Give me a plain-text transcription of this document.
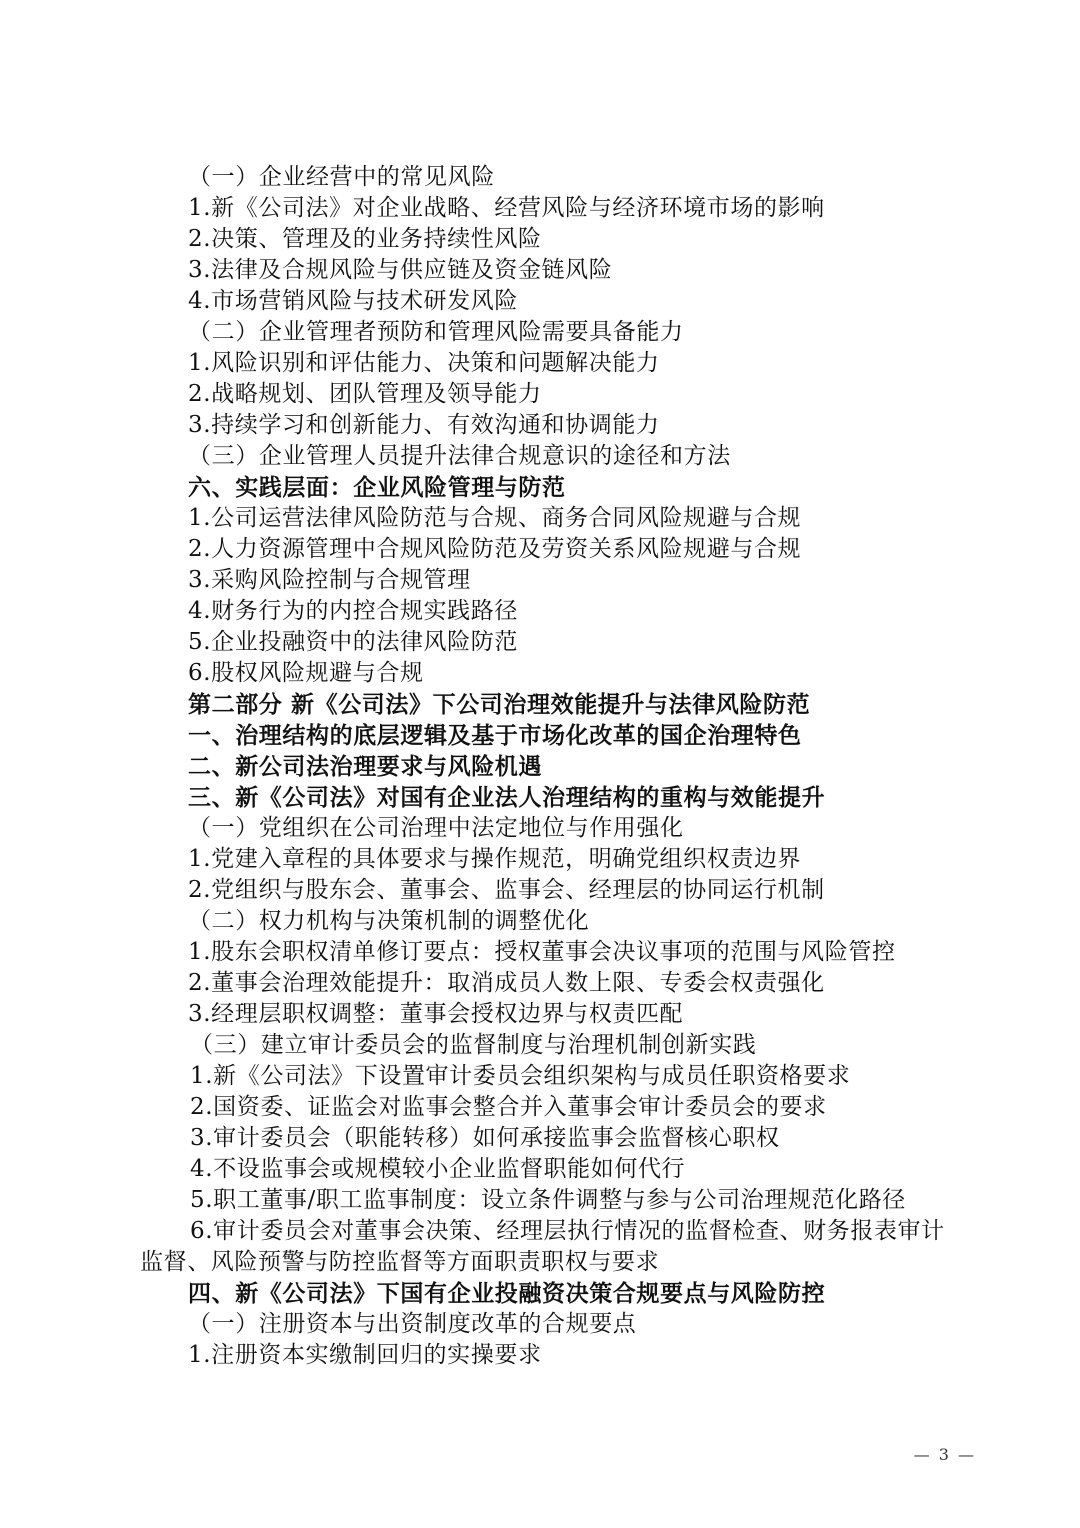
（一）企业经营中的常见风险
1.新《公司法》对企业战略、经营风险与经济环境市场的影响
2.决策、管理及的业务持续性风险
3.法律及合规风险与供应链及资金链风险
4.市场营销风险与技术研发风险
（二）企业管理者预防和管理风险需要具备能力
1.风险识别和评估能力、决策和问题解决能力
2.战略规划、团队管理及领导能力
3.持续学习和创新能力、有效沟通和协调能力
（三）企业管理人员提升法律合规意识的途径和方法
六、实践层面：企业风险管理与防范
1.公司运营法律风险防范与合规、商务合同风险规避与合规
2.人力资源管理中合规风险防范及劳资关系风险规避与合规
3.采购风险控制与合规管理
4.财务行为的内控合规实践路径
5.企业投融资中的法律风险防范
6.股权风险规避与合规
第二部分 新《公司法》下公司治理效能提升与法律风险防范
一、治理结构的底层逻辑及基于市场化改革的国企治理特色
二、新公司法治理要求与风险机遇
三、新《公司法》对国有企业法人治理结构的重构与效能提升
（一）党组织在公司治理中法定地位与作用强化
1.党建入章程的具体要求与操作规范，明确党组织权责边界
2.党组织与股东会、董事会、监事会、经理层的协同运行机制
（二）权力机构与决策机制的调整优化
1.股东会职权清单修订要点：授权董事会决议事项的范围与风险管控
2.董事会治理效能提升：取消成员人数上限、专委会权责强化
3.经理层职权调整：董事会授权边界与权责匹配
（三）建立审计委员会的监督制度与治理机制创新实践
1.新《公司法》下设置审计委员会组织架构与成员任职资格要求
2.国资委、证监会对监事会整合并入董事会审计委员会的要求
3.审计委员会（职能转移）如何承接监事会监督核心职权
4.不设监事会或规模较小企业监督职能如何代行
5.职工董事/职工监事制度：设立条件调整与参与公司治理规范化路径
6.审计委员会对董事会决策、经理层执行情况的监督检查、财务报表审计
监督、风险预警与防控监督等方面职责职权与要求
四、新《公司法》下国有企业投融资决策合规要点与风险防控
（一）注册资本与出资制度改革的合规要点
1.注册资本实缴制回归的实操要求
— 3 —
